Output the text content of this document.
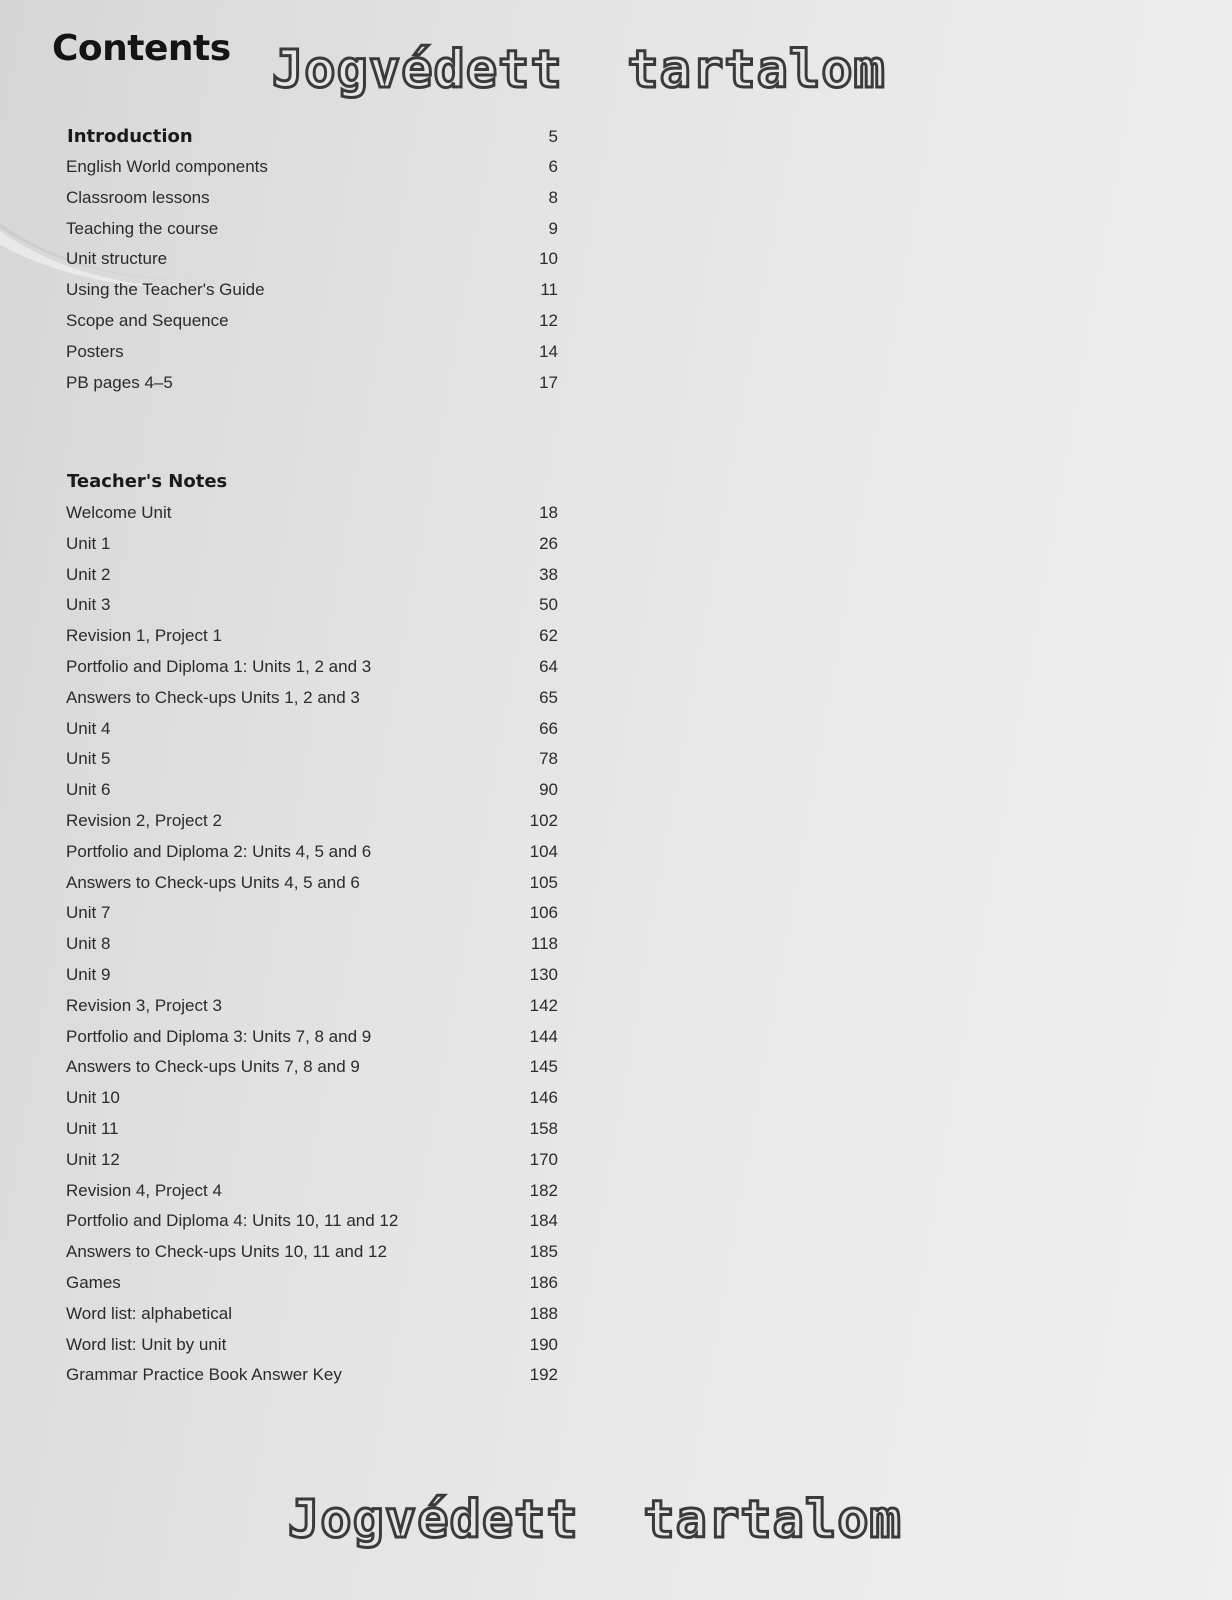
Contents Jogvédett  tartalom
Introduction	5
English World components	6
Classroom lessons	8
Teaching the course	9
Unit structure	10
Using the Teacher's Guide	11
Scope and Sequence	12
Posters	14
PB pages 4–5	17
Teacher's Notes
Welcome Unit	18
Unit 1	26
Unit 2	38
Unit 3	50
Revision 1, Project 1	62
Portfolio and Diploma 1: Units 1, 2 and 3	64
Answers to Check-ups Units 1, 2 and 3	65
Unit 4	66
Unit 5	78
Unit 6	90
Revision 2, Project 2	102
Portfolio and Diploma 2: Units 4, 5 and 6	104
Answers to Check-ups Units 4, 5 and 6	105
Unit 7	106
Unit 8	118
Unit 9	130
Revision 3, Project 3	142
Portfolio and Diploma 3: Units 7, 8 and 9	144
Answers to Check-ups Units 7, 8 and 9	145
Unit 10	146
Unit 11	158
Unit 12	170
Revision 4, Project 4	182
Portfolio and Diploma 4: Units 10, 11 and 12	184
Answers to Check-ups Units 10, 11 and 12	185
Games	186
Word list: alphabetical	188
Word list: Unit by unit	190
Grammar Practice Book Answer Key	192
Jogvédett  tartalom
